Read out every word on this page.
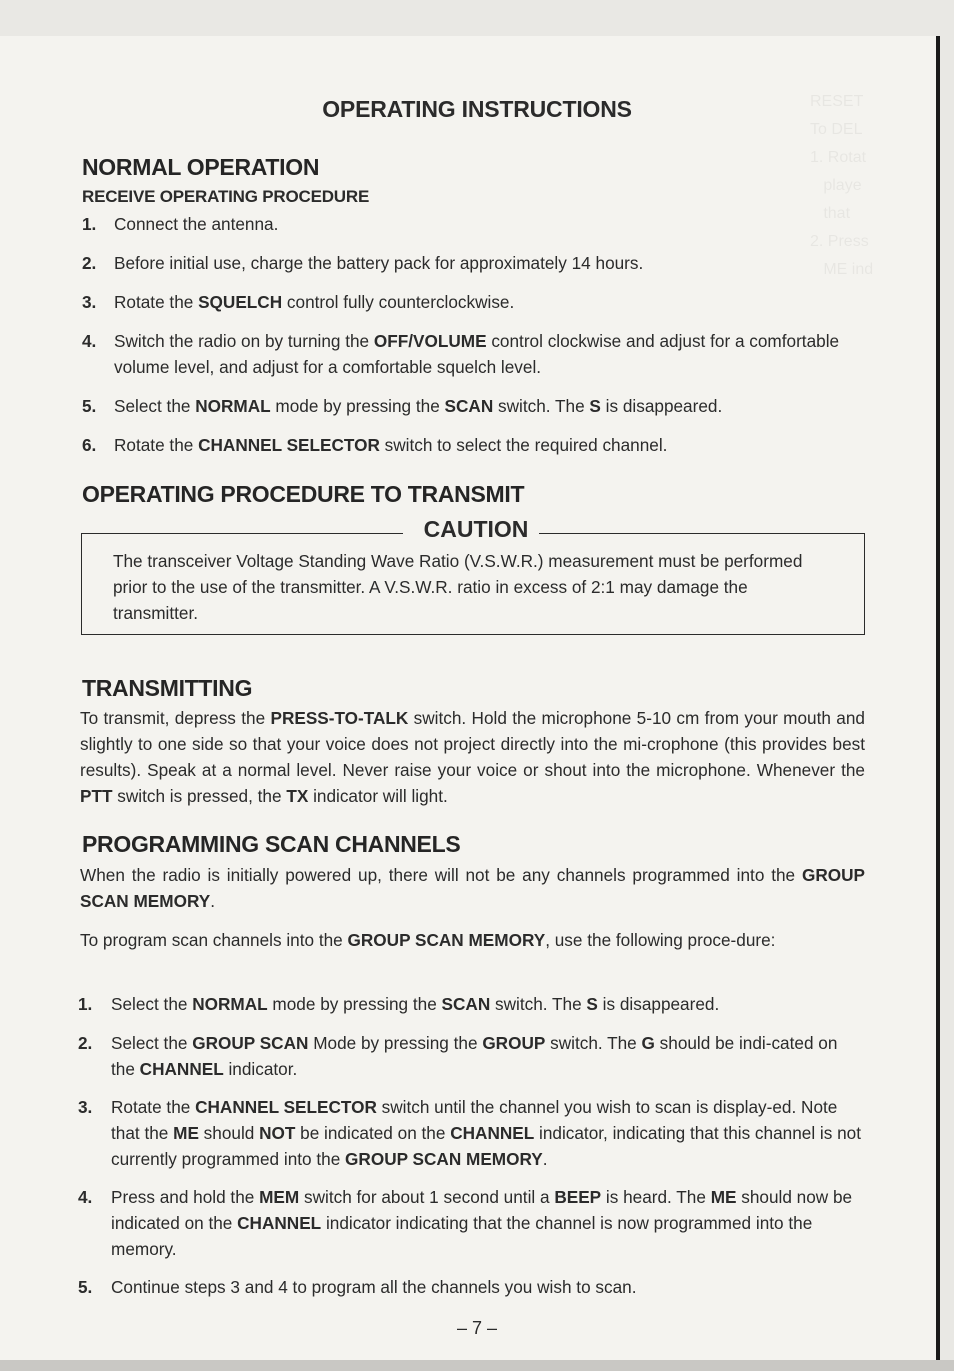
RESET
To DEL
1. Rotat
playe
that
2. Press
ME ind
OPERATING INSTRUCTIONS
NORMAL OPERATION
RECEIVE OPERATING PROCEDURE
1. Connect the antenna.
2. Before initial use, charge the battery pack for approximately 14 hours.
3. Rotate the SQUELCH control fully counterclockwise.
4. Switch the radio on by turning the OFF/VOLUME control clockwise and adjust for a comfortable volume level, and adjust for a comfortable squelch level.
5. Select the NORMAL mode by pressing the SCAN switch. The S is disappeared.
6. Rotate the CHANNEL SELECTOR switch to select the required channel.
OPERATING PROCEDURE TO TRANSMIT
CAUTION
The transceiver Voltage Standing Wave Ratio (V.S.W.R.) measurement must be performed prior to the use of the transmitter. A V.S.W.R. ratio in excess of 2:1 may damage the transmitter.
TRANSMITTING
To transmit, depress the PRESS-TO-TALK switch. Hold the microphone 5-10 cm from your mouth and slightly to one side so that your voice does not project directly into the mi-crophone (this provides best results). Speak at a normal level. Never raise your voice or shout into the microphone. Whenever the PTT switch is pressed, the TX indicator will light.
PROGRAMMING SCAN CHANNELS
When the radio is initially powered up, there will not be any channels programmed into the GROUP SCAN MEMORY.
To program scan channels into the GROUP SCAN MEMORY, use the following proce-dure:
1. Select the NORMAL mode by pressing the SCAN switch. The S is disappeared.
2. Select the GROUP SCAN Mode by pressing the GROUP switch. The G should be indi-cated on the CHANNEL indicator.
3. Rotate the CHANNEL SELECTOR switch until the channel you wish to scan is display-ed. Note that the ME should NOT be indicated on the CHANNEL indicator, indicating that this channel is not currently programmed into the GROUP SCAN MEMORY.
4. Press and hold the MEM switch for about 1 second until a BEEP is heard. The ME should now be indicated on the CHANNEL indicator indicating that the channel is now programmed into the memory.
5. Continue steps 3 and 4 to program all the channels you wish to scan.
– 7 –
